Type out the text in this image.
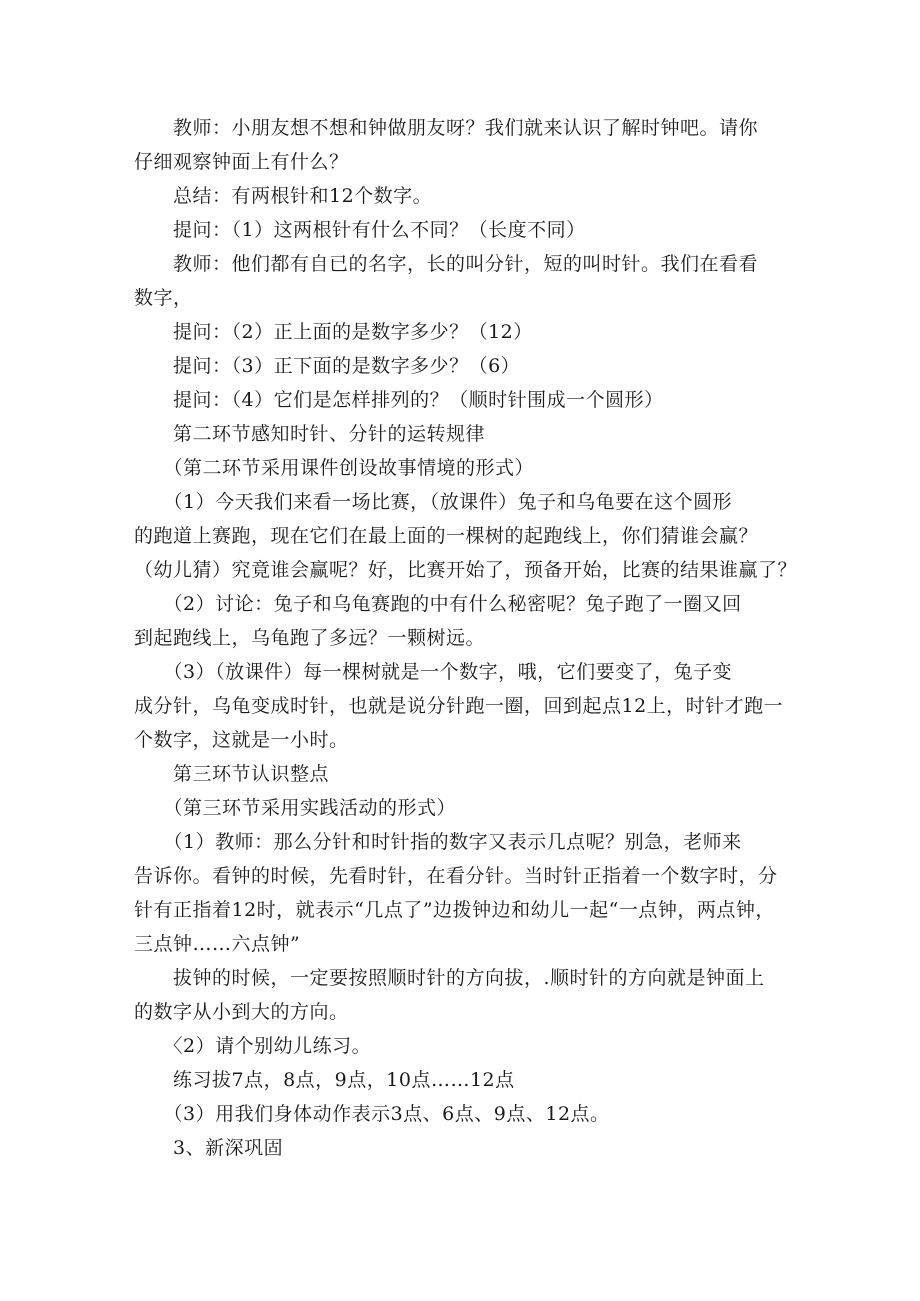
　　教师：小朋友想不想和钟做朋友呀？我们就来认识了解时钟吧。请你
仔细观察钟面上有什么？
　　总结：有两根针和12个数字。
　　提问：（1）这两根针有什么不同？（长度不同）
　　教师：他们都有自已的名字，长的叫分针，短的叫时针。我们在看看
数字，
　　提问：（2）正上面的是数字多少？（12）
　　提问：（3）正下面的是数字多少？（6）
　　提问：（4）它们是怎样排列的？（顺时针围成一个圆形）
　　第二环节感知时针、分针的运转规律
　　（第二环节采用课件创设故事情境的形式）
　　（1）今天我们来看一场比赛，（放课件）兔子和乌龟要在这个圆形
的跑道上赛跑，现在它们在最上面的一棵树的起跑线上，你们猜谁会赢？
（幼儿猜）究竟谁会赢呢？好，比赛开始了，预备开始，比赛的结果谁赢了？
　　（2）讨论：兔子和乌龟赛跑的中有什么秘密呢？兔子跑了一圈又回
到起跑线上，乌龟跑了多远？一颗树远。
　　（3）（放课件）每一棵树就是一个数字，哦，它们要变了，兔子变
成分针，乌龟变成时针，也就是说分针跑一圈，回到起点12上，时针才跑一
个数字，这就是一小时。
　　第三环节认识整点
　　（第三环节采用实践活动的形式）
　　（1）教师：那么分针和时针指的数字又表示几点呢？别急，老师来
告诉你。看钟的时候，先看时针，在看分针。当时针正指着一个数字时，分
针有正指着12时，就表示“几点了”边拨钟边和幼儿一起“一点钟，两点钟，
三点钟……六点钟”
　　拔钟的时候，一定要按照顺时针的方向拔，.顺时针的方向就是钟面上
的数字从小到大的方向。
　　〈2）请个别幼儿练习。
　　练习拔7点，8点，9点，10点……12点
　　（3）用我们身体动作表示3点、6点、9点、12点。
　　3、新深巩固
